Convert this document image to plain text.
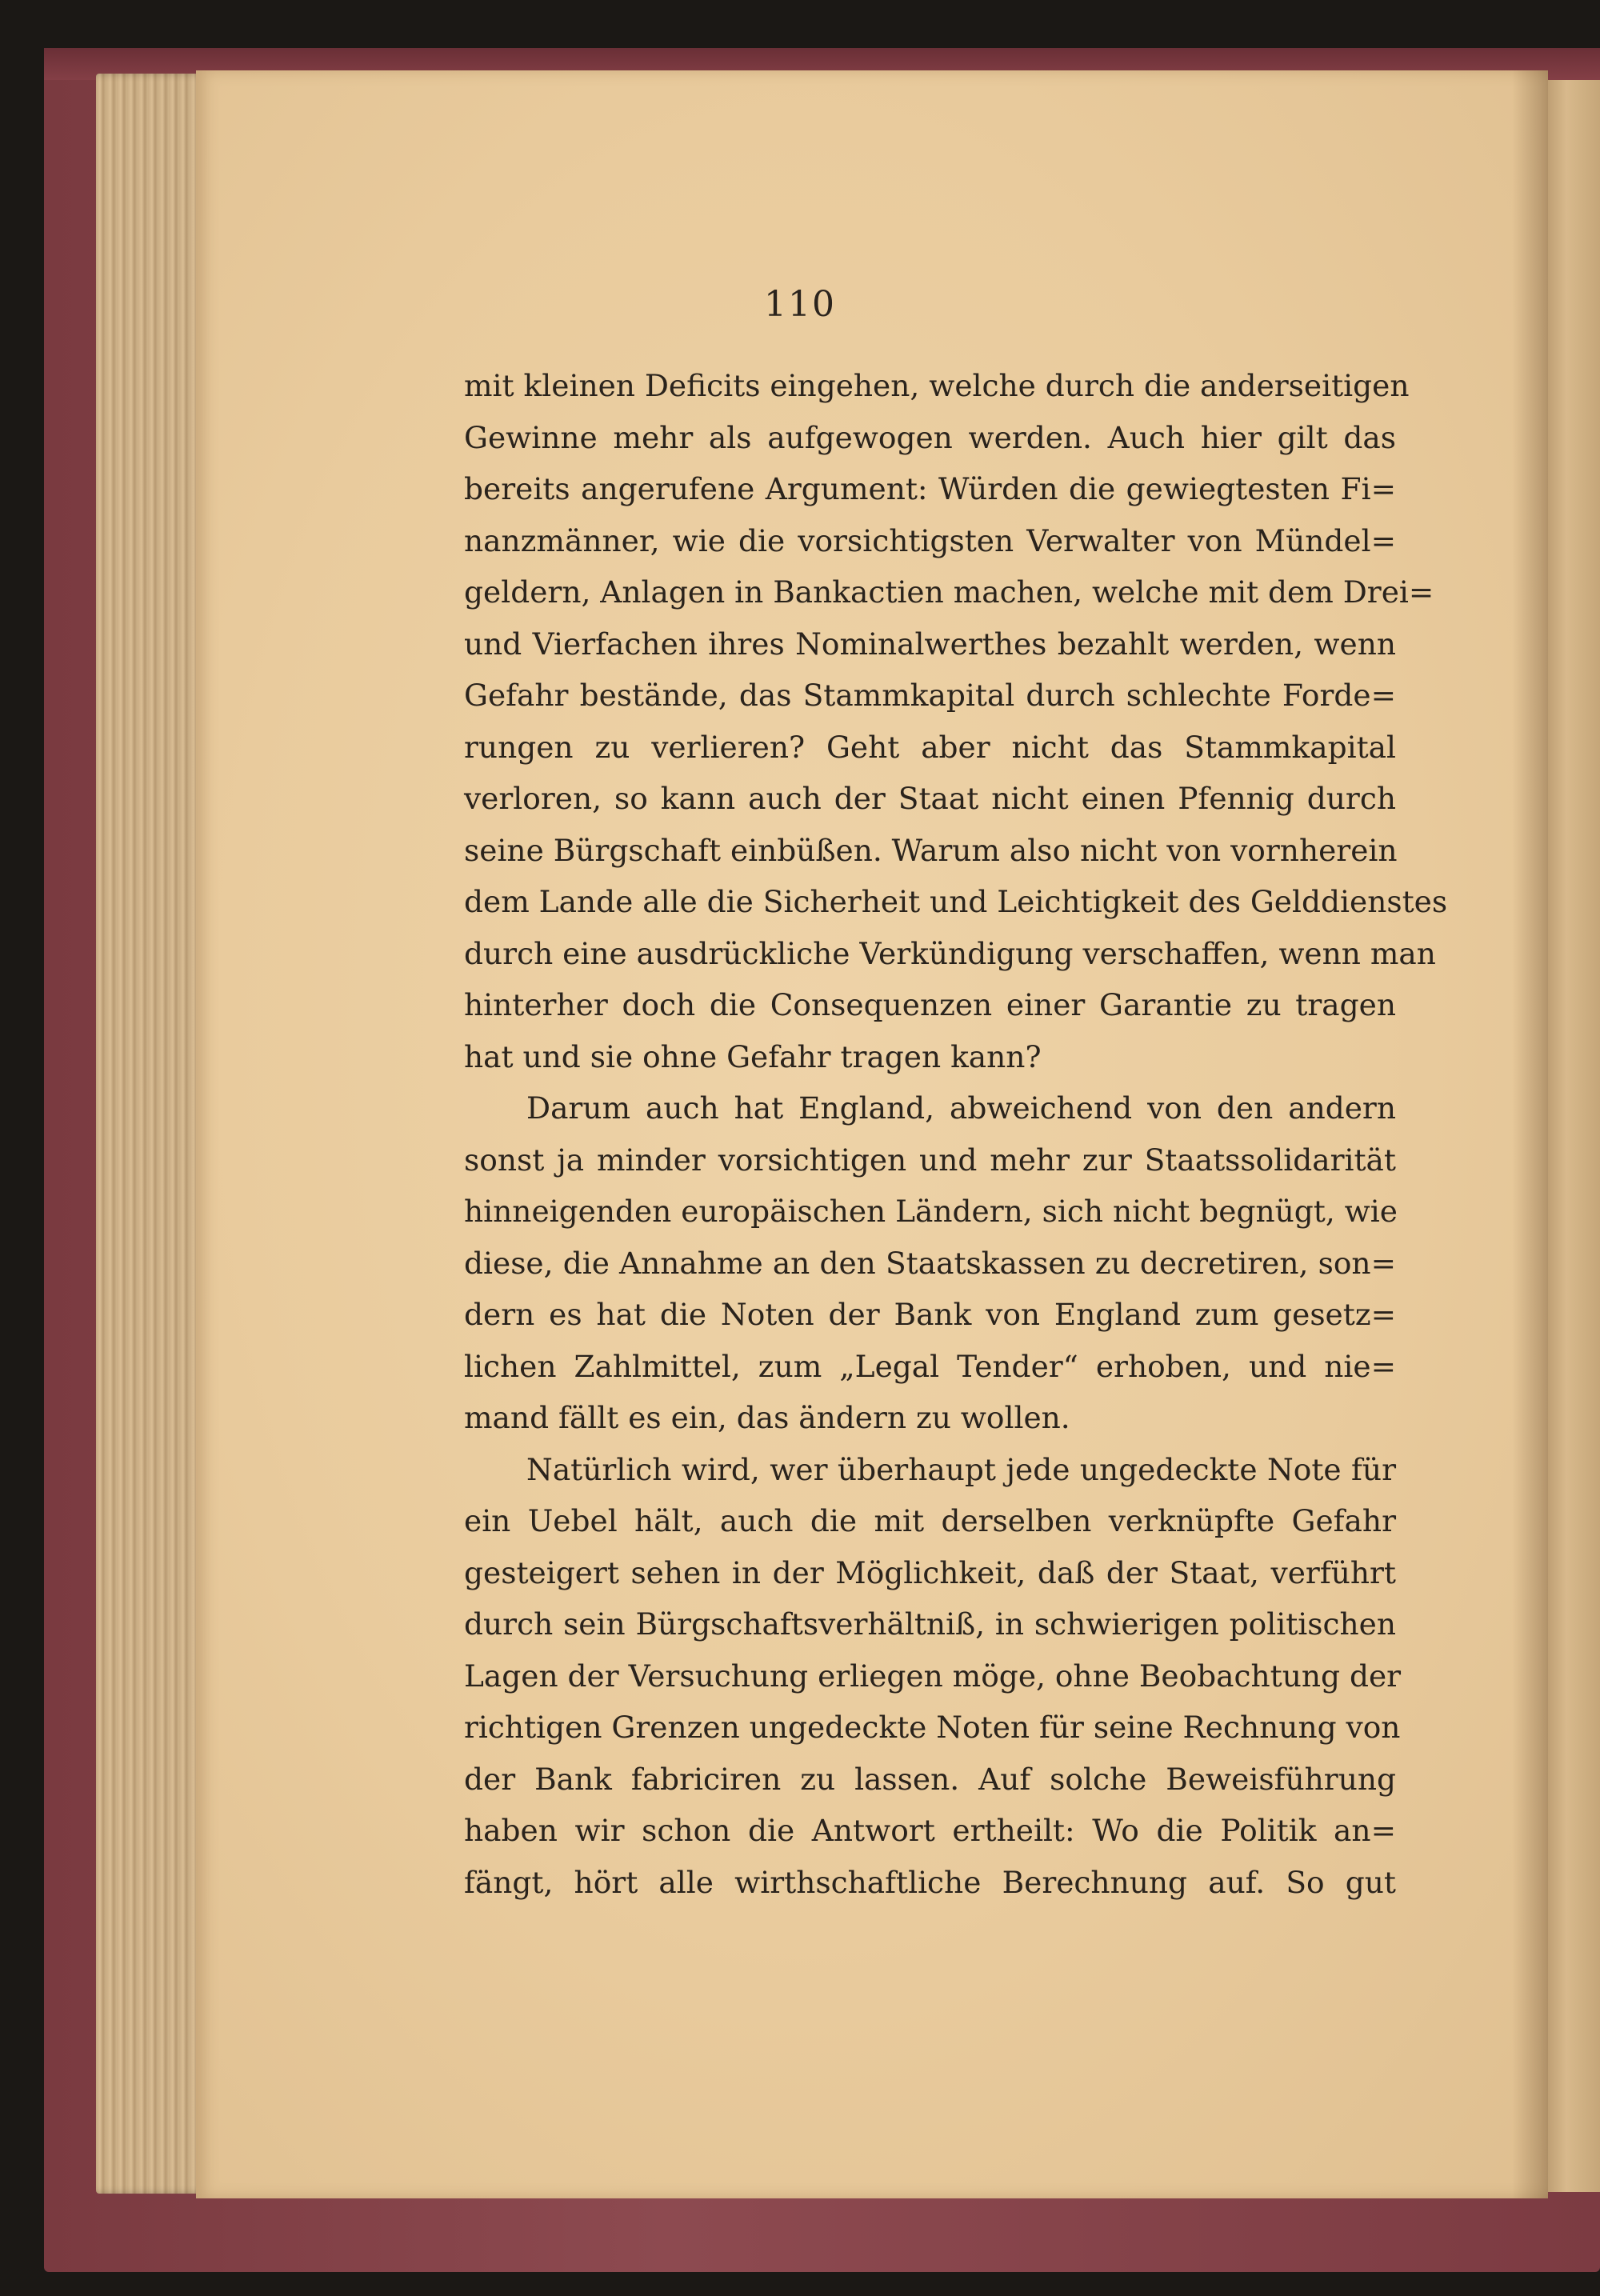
110
mit kleinen Deficits eingehen, welche durch die anderseitigen
Gewinne mehr als aufgewogen werden. Auch hier gilt das
bereits angerufene Argument: Würden die gewiegtesten Fi=
nanzmänner, wie die vorsichtigsten Verwalter von Mündel=
geldern, Anlagen in Bankactien machen, welche mit dem Drei=
und Vierfachen ihres Nominalwerthes bezahlt werden, wenn
Gefahr bestände, das Stammkapital durch schlechte Forde=
rungen zu verlieren? Geht aber nicht das Stammkapital
verloren, so kann auch der Staat nicht einen Pfennig durch
seine Bürgschaft einbüßen. Warum also nicht von vornherein
dem Lande alle die Sicherheit und Leichtigkeit des Gelddienstes
durch eine ausdrückliche Verkündigung verschaffen, wenn man
hinterher doch die Consequenzen einer Garantie zu tragen
hat und sie ohne Gefahr tragen kann?
Darum auch hat England, abweichend von den andern
sonst ja minder vorsichtigen und mehr zur Staatssolidarität
hinneigenden europäischen Ländern, sich nicht begnügt, wie
diese, die Annahme an den Staatskassen zu decretiren, son=
dern es hat die Noten der Bank von England zum gesetz=
lichen Zahlmittel, zum „Legal Tender“ erhoben, und nie=
mand fällt es ein, das ändern zu wollen.
Natürlich wird, wer überhaupt jede ungedeckte Note für
ein Uebel hält, auch die mit derselben verknüpfte Gefahr
gesteigert sehen in der Möglichkeit, daß der Staat, verführt
durch sein Bürgschaftsverhältniß, in schwierigen politischen
Lagen der Versuchung erliegen möge, ohne Beobachtung der
richtigen Grenzen ungedeckte Noten für seine Rechnung von
der Bank fabriciren zu lassen. Auf solche Beweisführung
haben wir schon die Antwort ertheilt: Wo die Politik an=
fängt, hört alle wirthschaftliche Berechnung auf. So gut
